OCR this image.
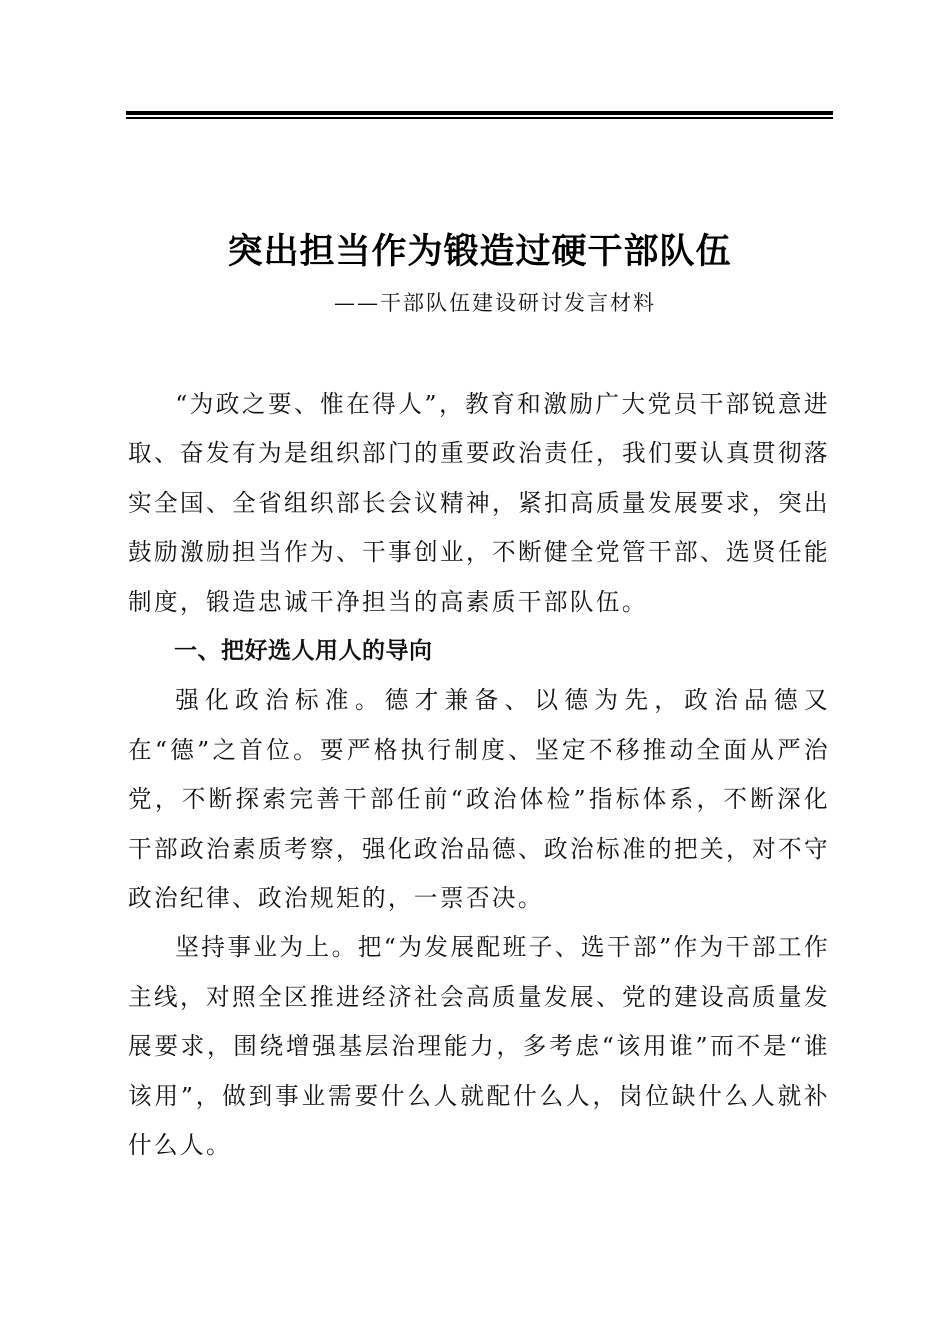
突出担当作为锻造过硬干部队伍

——干部队伍建设研讨发言材料

“为政之要、惟在得人”，教育和激励广大党员干部锐意进取、奋发有为是组织部门的重要政治责任，我们要认真贯彻落实全国、全省组织部长会议精神，紧扣高质量发展要求，突出鼓励激励担当作为、干事创业，不断健全党管干部、选贤任能制度，锻造忠诚干净担当的高素质干部队伍。

一、把好选人用人的导向

强化政治标准。德才兼备、以德为先，政治品德又在“德”之首位。要严格执行制度、坚定不移推动全面从严治党，不断探索完善干部任前“政治体检”指标体系，不断深化干部政治素质考察，强化政治品德、政治标准的把关，对不守政治纪律、政治规矩的，一票否决。

坚持事业为上。把“为发展配班子、选干部”作为干部工作主线，对照全区推进经济社会高质量发展、党的建设高质量发展要求，围绕增强基层治理能力，多考虑“该用谁”而不是“谁该用”，做到事业需要什么人就配什么人，岗位缺什么人就补什么人。
